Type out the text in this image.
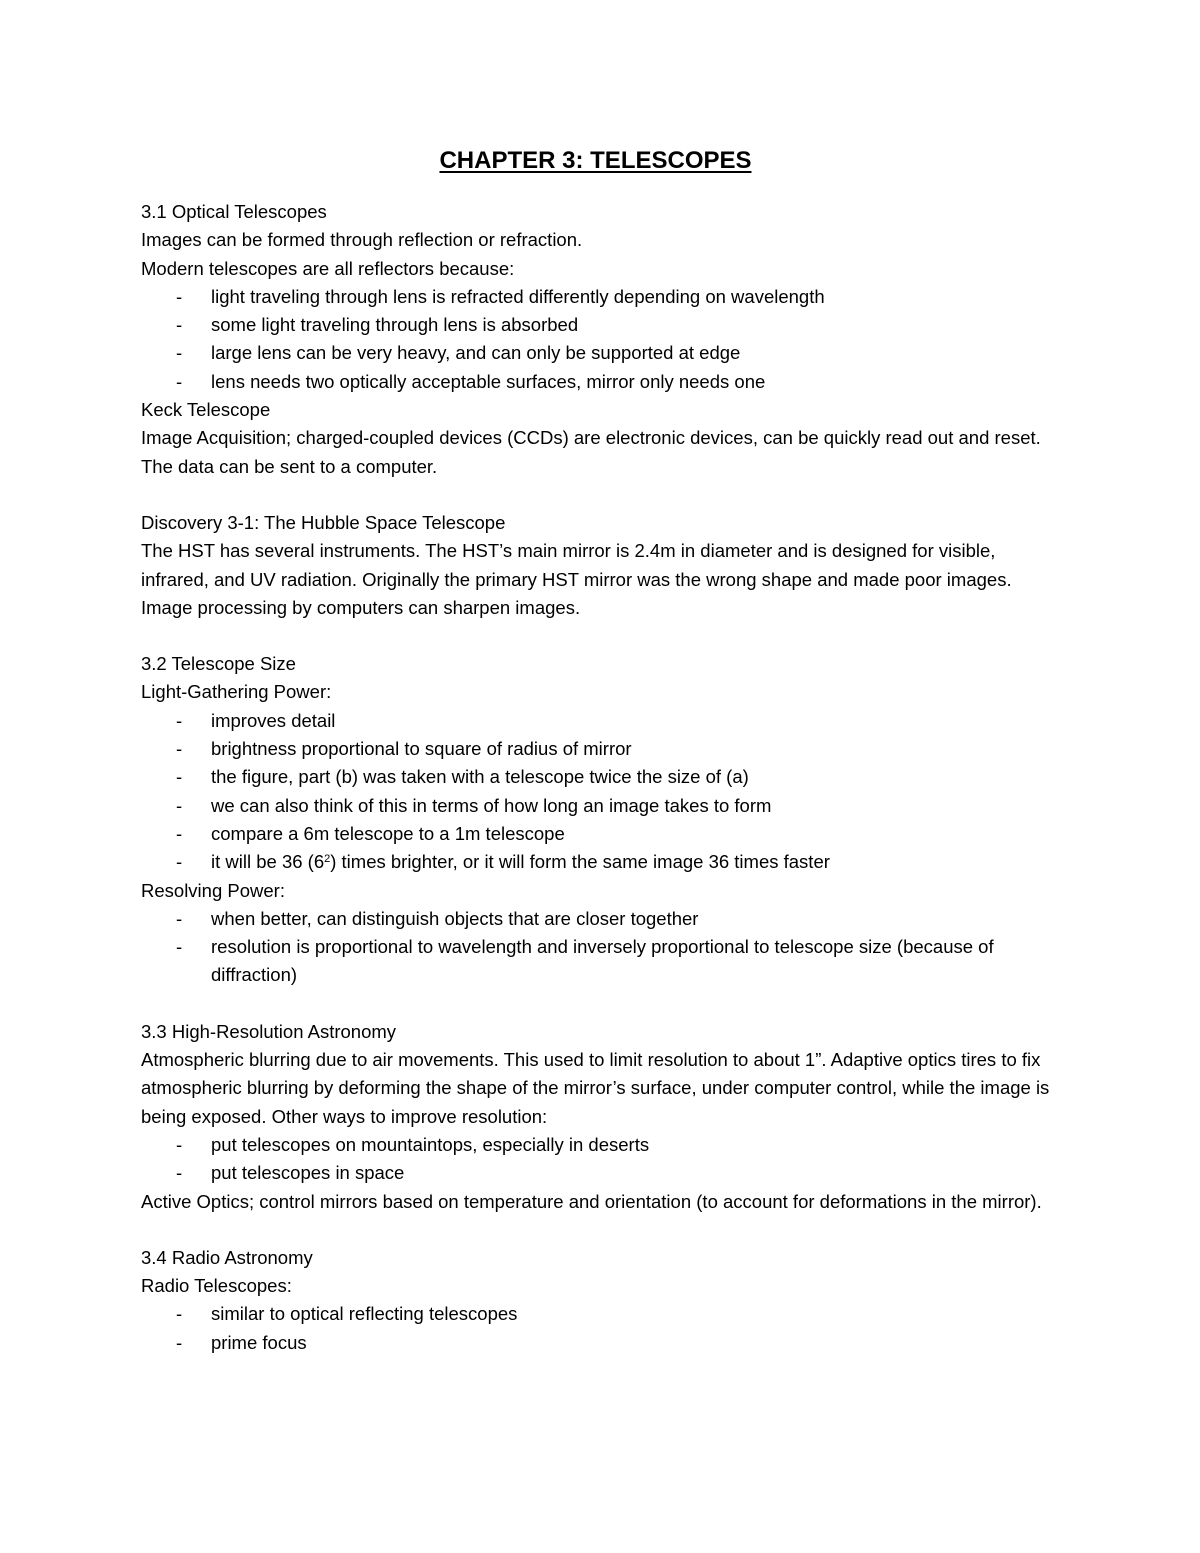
CHAPTER 3: TELESCOPES

3.1 Optical Telescopes

Images can be formed through reflection or refraction.

Modern telescopes are all reflectors because:

- light traveling through lens is refracted differently depending on wavelength
- some light traveling through lens is absorbed
- large lens can be very heavy, and can only be supported at edge
- lens needs two optically acceptable surfaces, mirror only needs one

Keck Telescope

Image Acquisition; charged-coupled devices (CCDs) are electronic devices, can be quickly read out and reset. The data can be sent to a computer.

Discovery 3-1: The Hubble Space Telescope

The HST has several instruments. The HST’s main mirror is 2.4m in diameter and is designed for visible, infrared, and UV radiation. Originally the primary HST mirror was the wrong shape and made poor images. Image processing by computers can sharpen images.

3.2 Telescope Size

Light-Gathering Power:

- improves detail
- brightness proportional to square of radius of mirror
- the figure, part (b) was taken with a telescope twice the size of (a)
- we can also think of this in terms of how long an image takes to form
- compare a 6m telescope to a 1m telescope
- it will be 36 $(6^2)$ times brighter, or it will form the same image 36 times faster

Resolving Power:

- when better, can distinguish objects that are closer together
- resolution is proportional to wavelength and inversely proportional to telescope size (because of diffraction)

3.3 High-Resolution Astronomy

Atmospheric blurring due to air movements. This used to limit resolution to about 1”. Adaptive optics tires to fix atmospheric blurring by deforming the shape of the mirror’s surface, under computer control, while the image is being exposed. Other ways to improve resolution:

- put telescopes on mountaintops, especially in deserts
- put telescopes in space

Active Optics; control mirrors based on temperature and orientation (to account for deformations in the mirror).

3.4 Radio Astronomy

Radio Telescopes:

- similar to optical reflecting telescopes
- prime focus
